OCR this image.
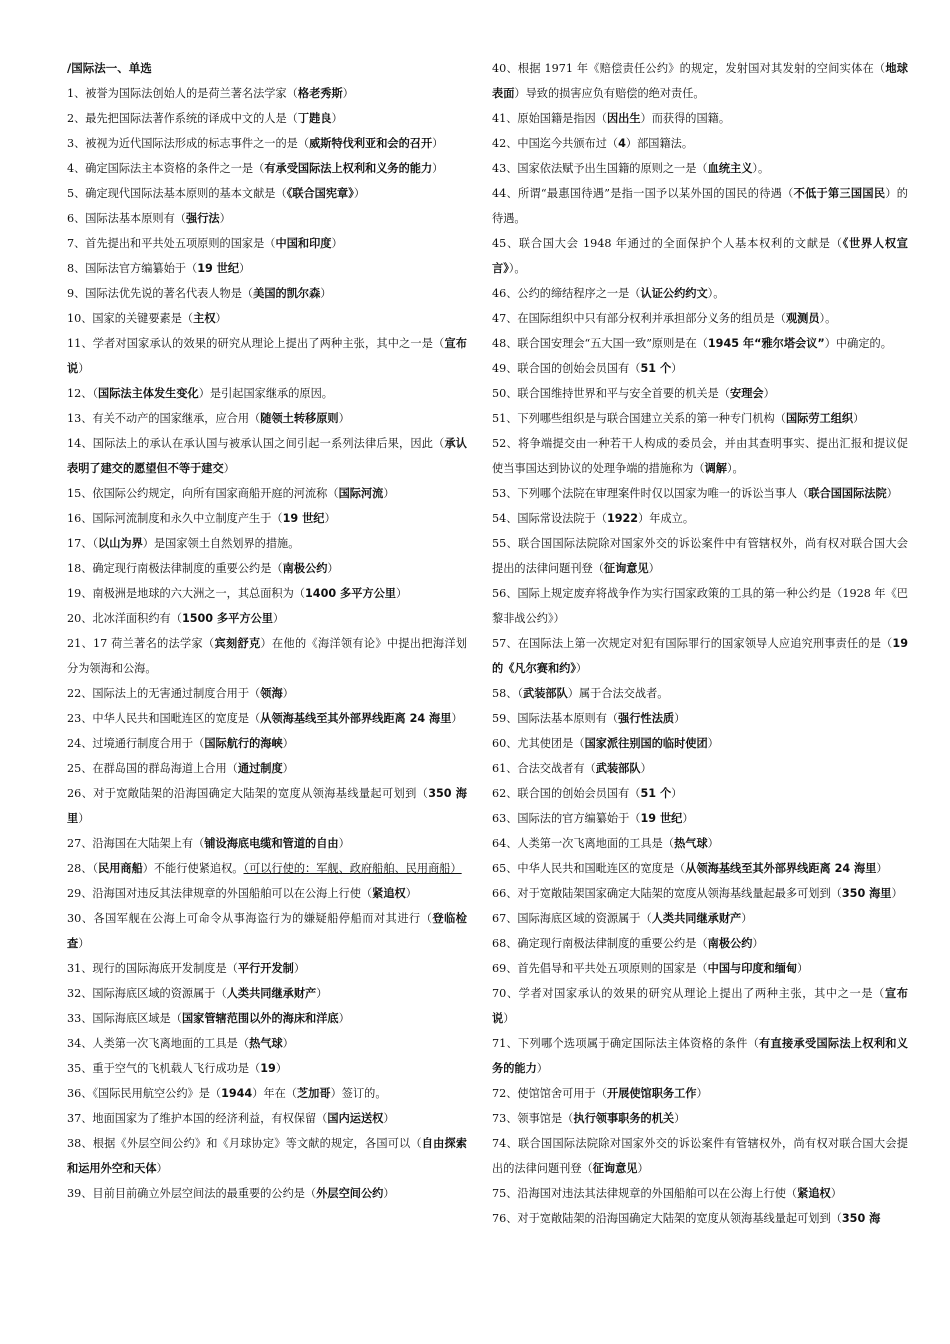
/国际法一、单选

1、被誉为国际法创始人的是荷兰著名法学家（格老秀斯）

2、最先把国际法著作系统的译成中文的人是（丁韪良）

3、被视为近代国际法形成的标志事件之一的是（威斯特伐利亚和会的召开）

4、确定国际法主本资格的条件之一是（有承受国际法上权利和义务的能力）

5、确定现代国际法基本原则的基本文献是（《联合国宪章》）

6、国际法基本原则有（强行法）

7、首先提出和平共处五项原则的国家是（中国和印度）

8、国际法官方编纂始于（19 世纪）

9、国际法优先说的著名代表人物是（美国的凯尔森）

10、国家的关键要素是（主权）

11、学者对国家承认的效果的研究从理论上提出了两种主张，其中之一是（宣布说）

12、（国际法主体发生变化）是引起国家继承的原因。

13、有关不动产的国家继承，应合用（随领土转移原则）

14、国际法上的承认在承认国与被承认国之间引起一系列法律后果，因此（承认表明了建交的愿望但不等于建交）

15、依国际公约规定，向所有国家商船开庭的河流称（国际河流）

16、国际河流制度和永久中立制度产生于（19 世纪）

17、（以山为界）是国家领土自然划界的措施。

18、确定现行南极法律制度的重要公约是（南极公约）

19、南极洲是地球的六大洲之一，其总面积为（1400 多平方公里）

20、北冰洋面积约有（1500 多平方公里）

21、17 荷兰著名的法学家（宾刻舒克）在他的《海洋领有论》中提出把海洋划分为领海和公海。

22、国际法上的无害通过制度合用于（领海）

23、中华人民共和国毗连区的宽度是（从领海基线至其外部界线距离 24 海里）

24、过境通行制度合用于（国际航行的海峡）

25、在群岛国的群岛海道上合用（通过制度）

26、对于宽敞陆架的沿海国确定大陆架的宽度从领海基线量起可划到（350 海里）

27、沿海国在大陆架上有（铺设海底电缆和管道的自由）

28、（民用商船）不能行使紧追权。（可以行使的：军舰、政府船舶、民用商船）

29、沿海国对违反其法律规章的外国船舶可以在公海上行使（紧追权）

30、各国军舰在公海上可命令从事海盗行为的嫌疑船停船而对其进行（登临检查）

31、现行的国际海底开发制度是（平行开发制）

32、国际海底区域的资源属于（人类共同继承财产）

33、国际海底区域是（国家管辖范围以外的海床和洋底）

34、人类第一次飞离地面的工具是（热气球）

35、重于空气的飞机载人飞行成功是（19）

36、《国际民用航空公约》是（1944）年在（芝加哥）签订的。

37、地面国家为了维护本国的经济利益，有权保留（国内运送权）

38、根据《外层空间公约》和《月球协定》等文献的规定，各国可以（自由探索和运用外空和天体）

39、目前目前确立外层空间法的最重要的公约是（外层空间公约）

40、根据 1971 年《赔偿责任公约》的规定，发射国对其发射的空间实体在（地球表面）导致的损害应负有赔偿的绝对责任。

41、原始国籍是指因（因出生）而获得的国籍。

42、中国迄今共颁布过（4）部国籍法。

43、国家依法赋予出生国籍的原则之一是（血统主义）。

44、所谓“最惠国待遇”是指一国予以某外国的国民的待遇（不低于第三国国民）的待遇。

45、联合国大会 1948 年通过的全面保护个人基本权利的文献是（《世界人权宣言》）。

46、公约的缔结程序之一是（认证公约约文）。

47、在国际组织中只有部分权利并承担部分义务的组员是（观测员）。

48、联合国安理会“五大国一致”原则是在（1945 年“雅尔塔会议”）中确定的。

49、联合国的创始会员国有（51 个）

50、联合国维持世界和平与安全首要的机关是（安理会）

51、下列哪些组织是与联合国建立关系的第一种专门机构（国际劳工组织）

52、将争端提交由一种若干人构成的委员会，并由其查明事实、提出汇报和提议促使当事国达到协议的处理争端的措施称为（调解）。

53、下列哪个法院在审理案件时仅以国家为唯一的诉讼当事人（联合国国际法院）

54、国际常设法院于（1922）年成立。

55、联合国国际法院除对国家外交的诉讼案件中有管辖权外，尚有权对联合国大会提出的法律问题刊登（征询意见）

56、国际上规定废弃将战争作为实行国家政策的工具的第一种公约是（1928 年《巴黎非战公约》）

57、在国际法上第一次规定对犯有国际罪行的国家领导人应追究刑事责任的是（19 的《凡尔赛和约》）

58、（武装部队）属于合法交战者。

59、国际法基本原则有（强行性法质）

60、尤其使团是（国家派往别国的临时使团）

61、合法交战者有（武装部队）

62、联合国的创始会员国有（51 个）

63、国际法的官方编纂始于（19 世纪）

64、人类第一次飞离地面的工具是（热气球）

65、中华人民共和国毗连区的宽度是（从领海基线至其外部界线距离 24 海里）

66、对于宽敞陆架国家确定大陆架的宽度从领海基线量起最多可划到（350 海里）

67、国际海底区域的资源属于（人类共同继承财产）

68、确定现行南极法律制度的重要公约是（南极公约）

69、首先倡导和平共处五项原则的国家是（中国与印度和缅甸）

70、学者对国家承认的效果的研究从理论上提出了两种主张，其中之一是（宣布说）

71、下列哪个选项属于确定国际法主体资格的条件（有直接承受国际法上权利和义务的能力）

72、使馆馆舍可用于（开展使馆职务工作）

73、领事馆是（执行领事职务的机关）

74、联合国国际法院除对国家外交的诉讼案件有管辖权外，尚有权对联合国大会提出的法律问题刊登（征询意见）

75、沿海国对违法其法律规章的外国船舶可以在公海上行使（紧追权）

76、对于宽敞陆架的沿海国确定大陆架的宽度从领海基线量起可划到（350 海
